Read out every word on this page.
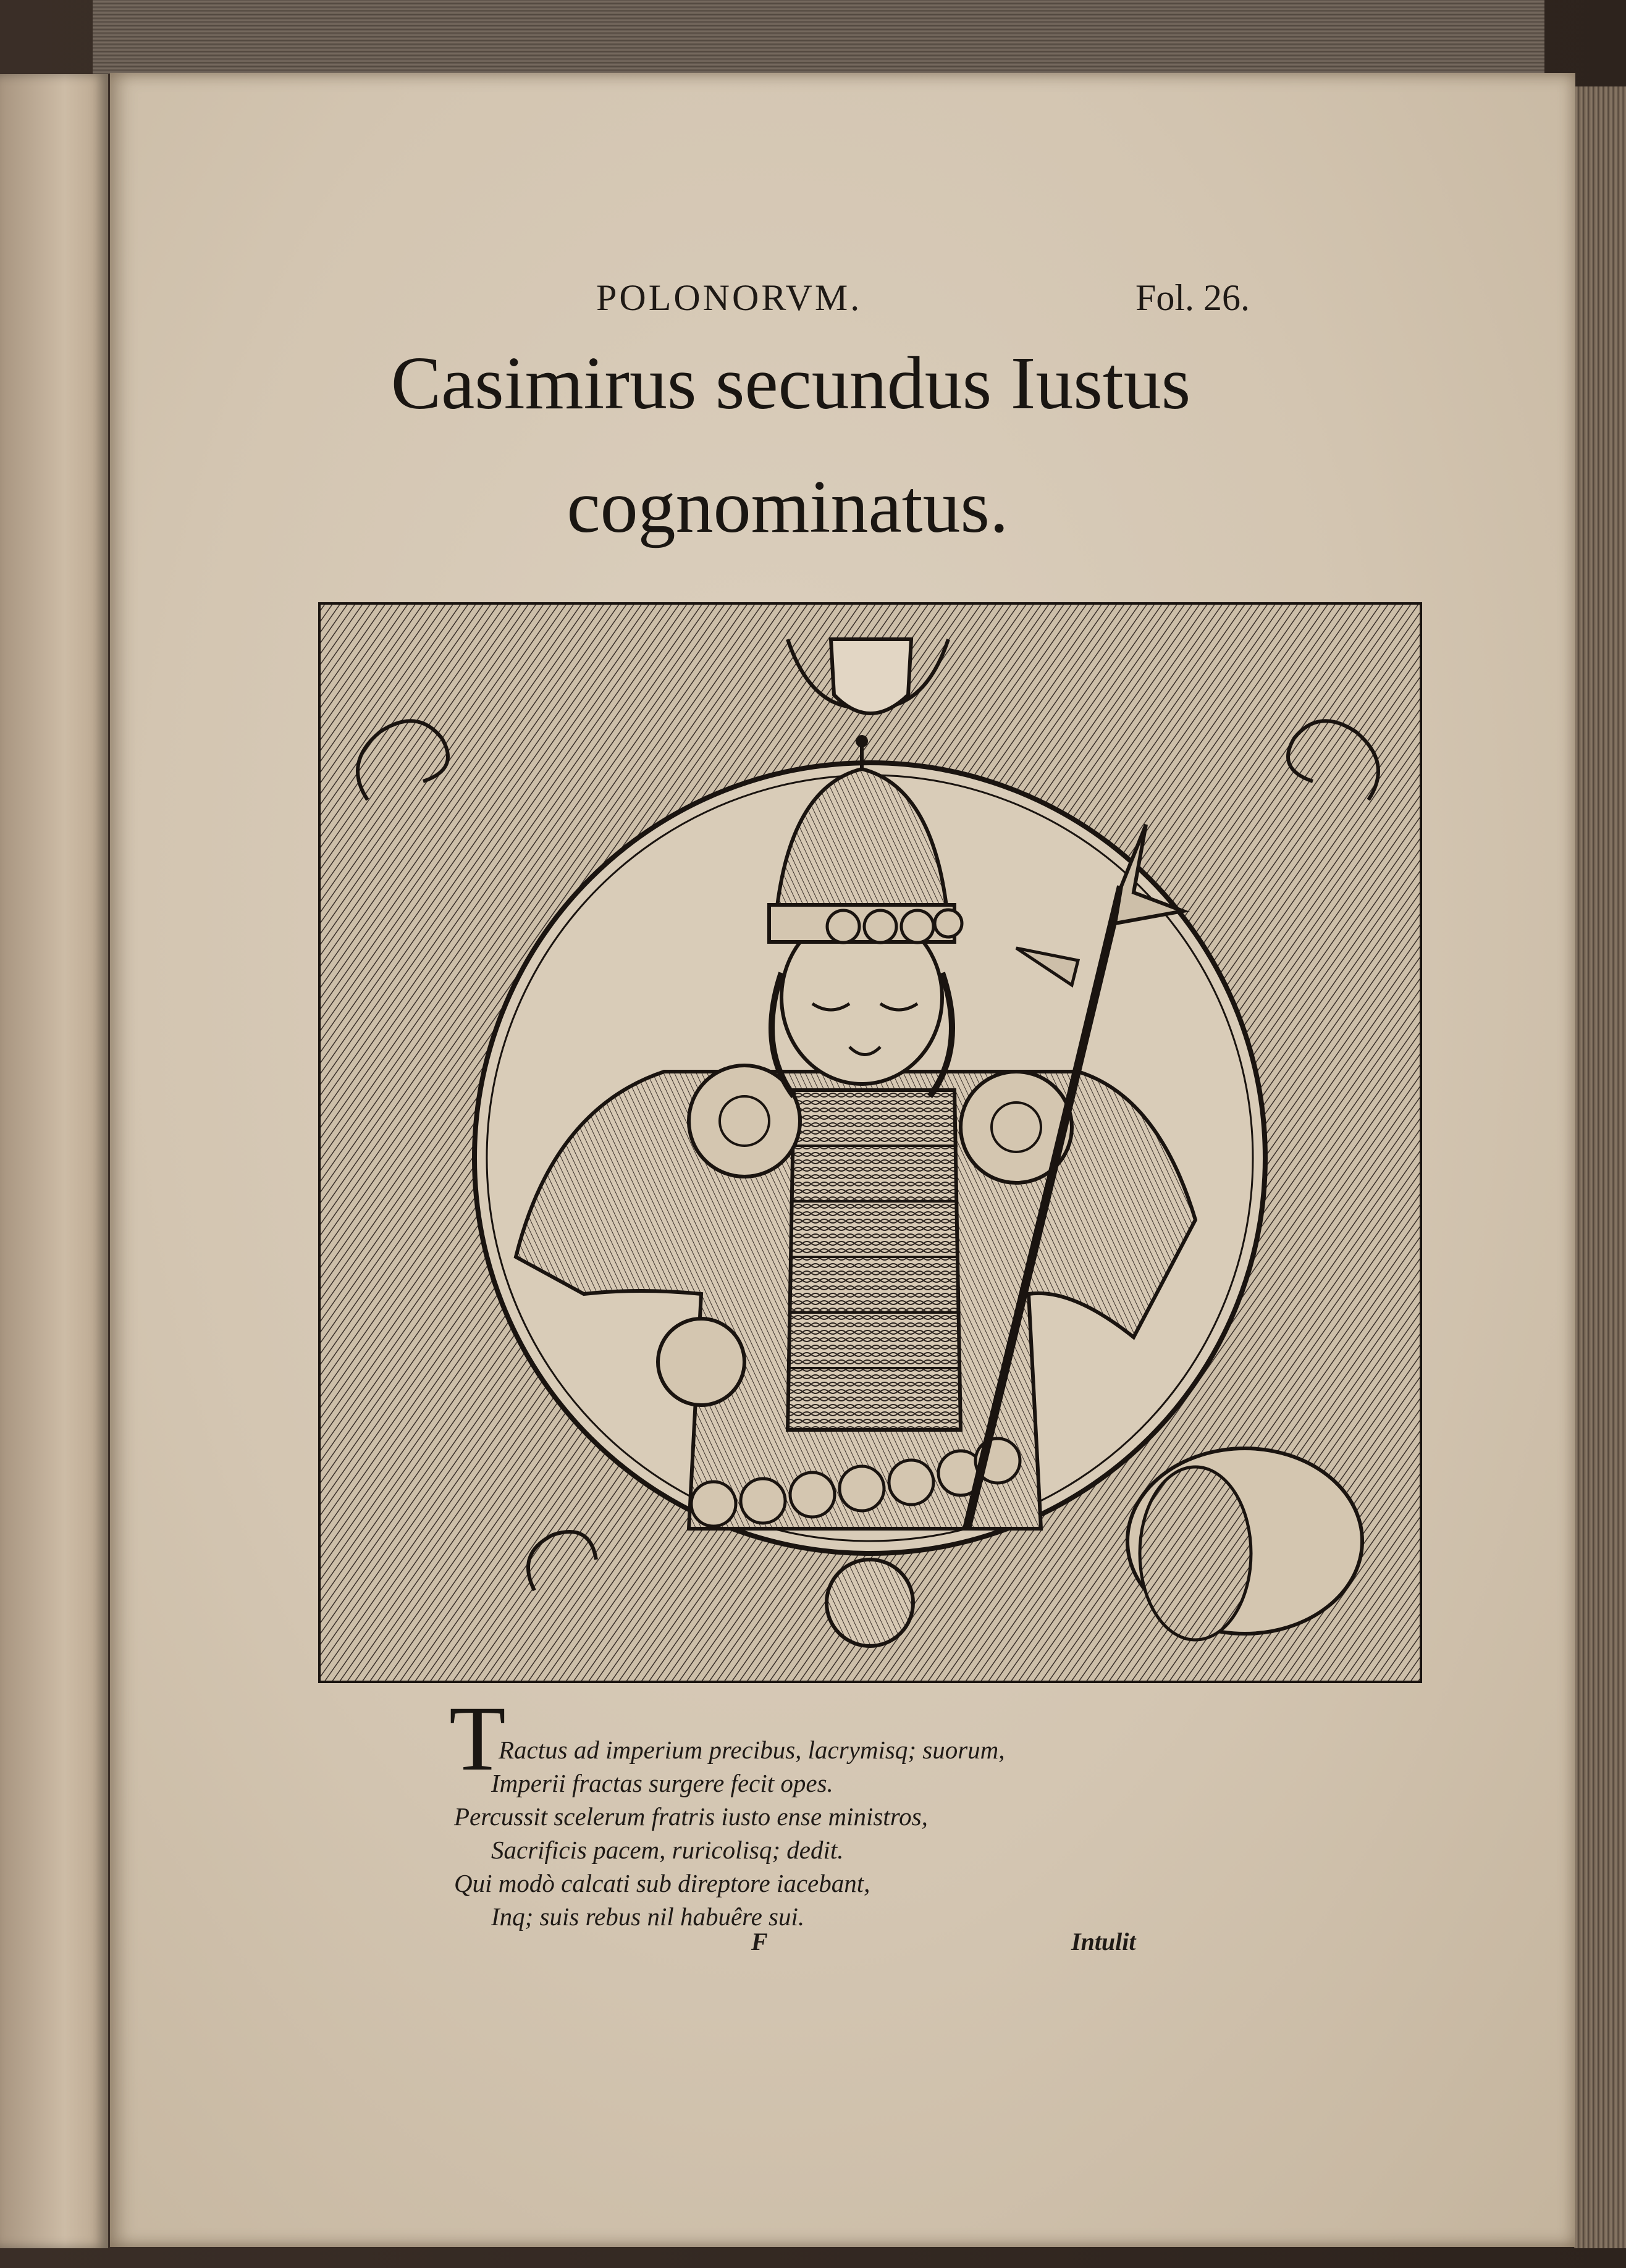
POLONORVM.	Fol. 26.
Casimirus secundus Iustus
cognominatus.
T
Ractus ad imperium precibus, lacrymisq; suorum,
Imperii fractas surgere fecit opes.
Percussit scelerum fratris iusto ense ministros,
Sacrificis pacem, ruricolisq; dedit.
Qui modò calcati sub direptore iacebant,
Inq; suis rebus nil habuêre sui.
F	Intulit
